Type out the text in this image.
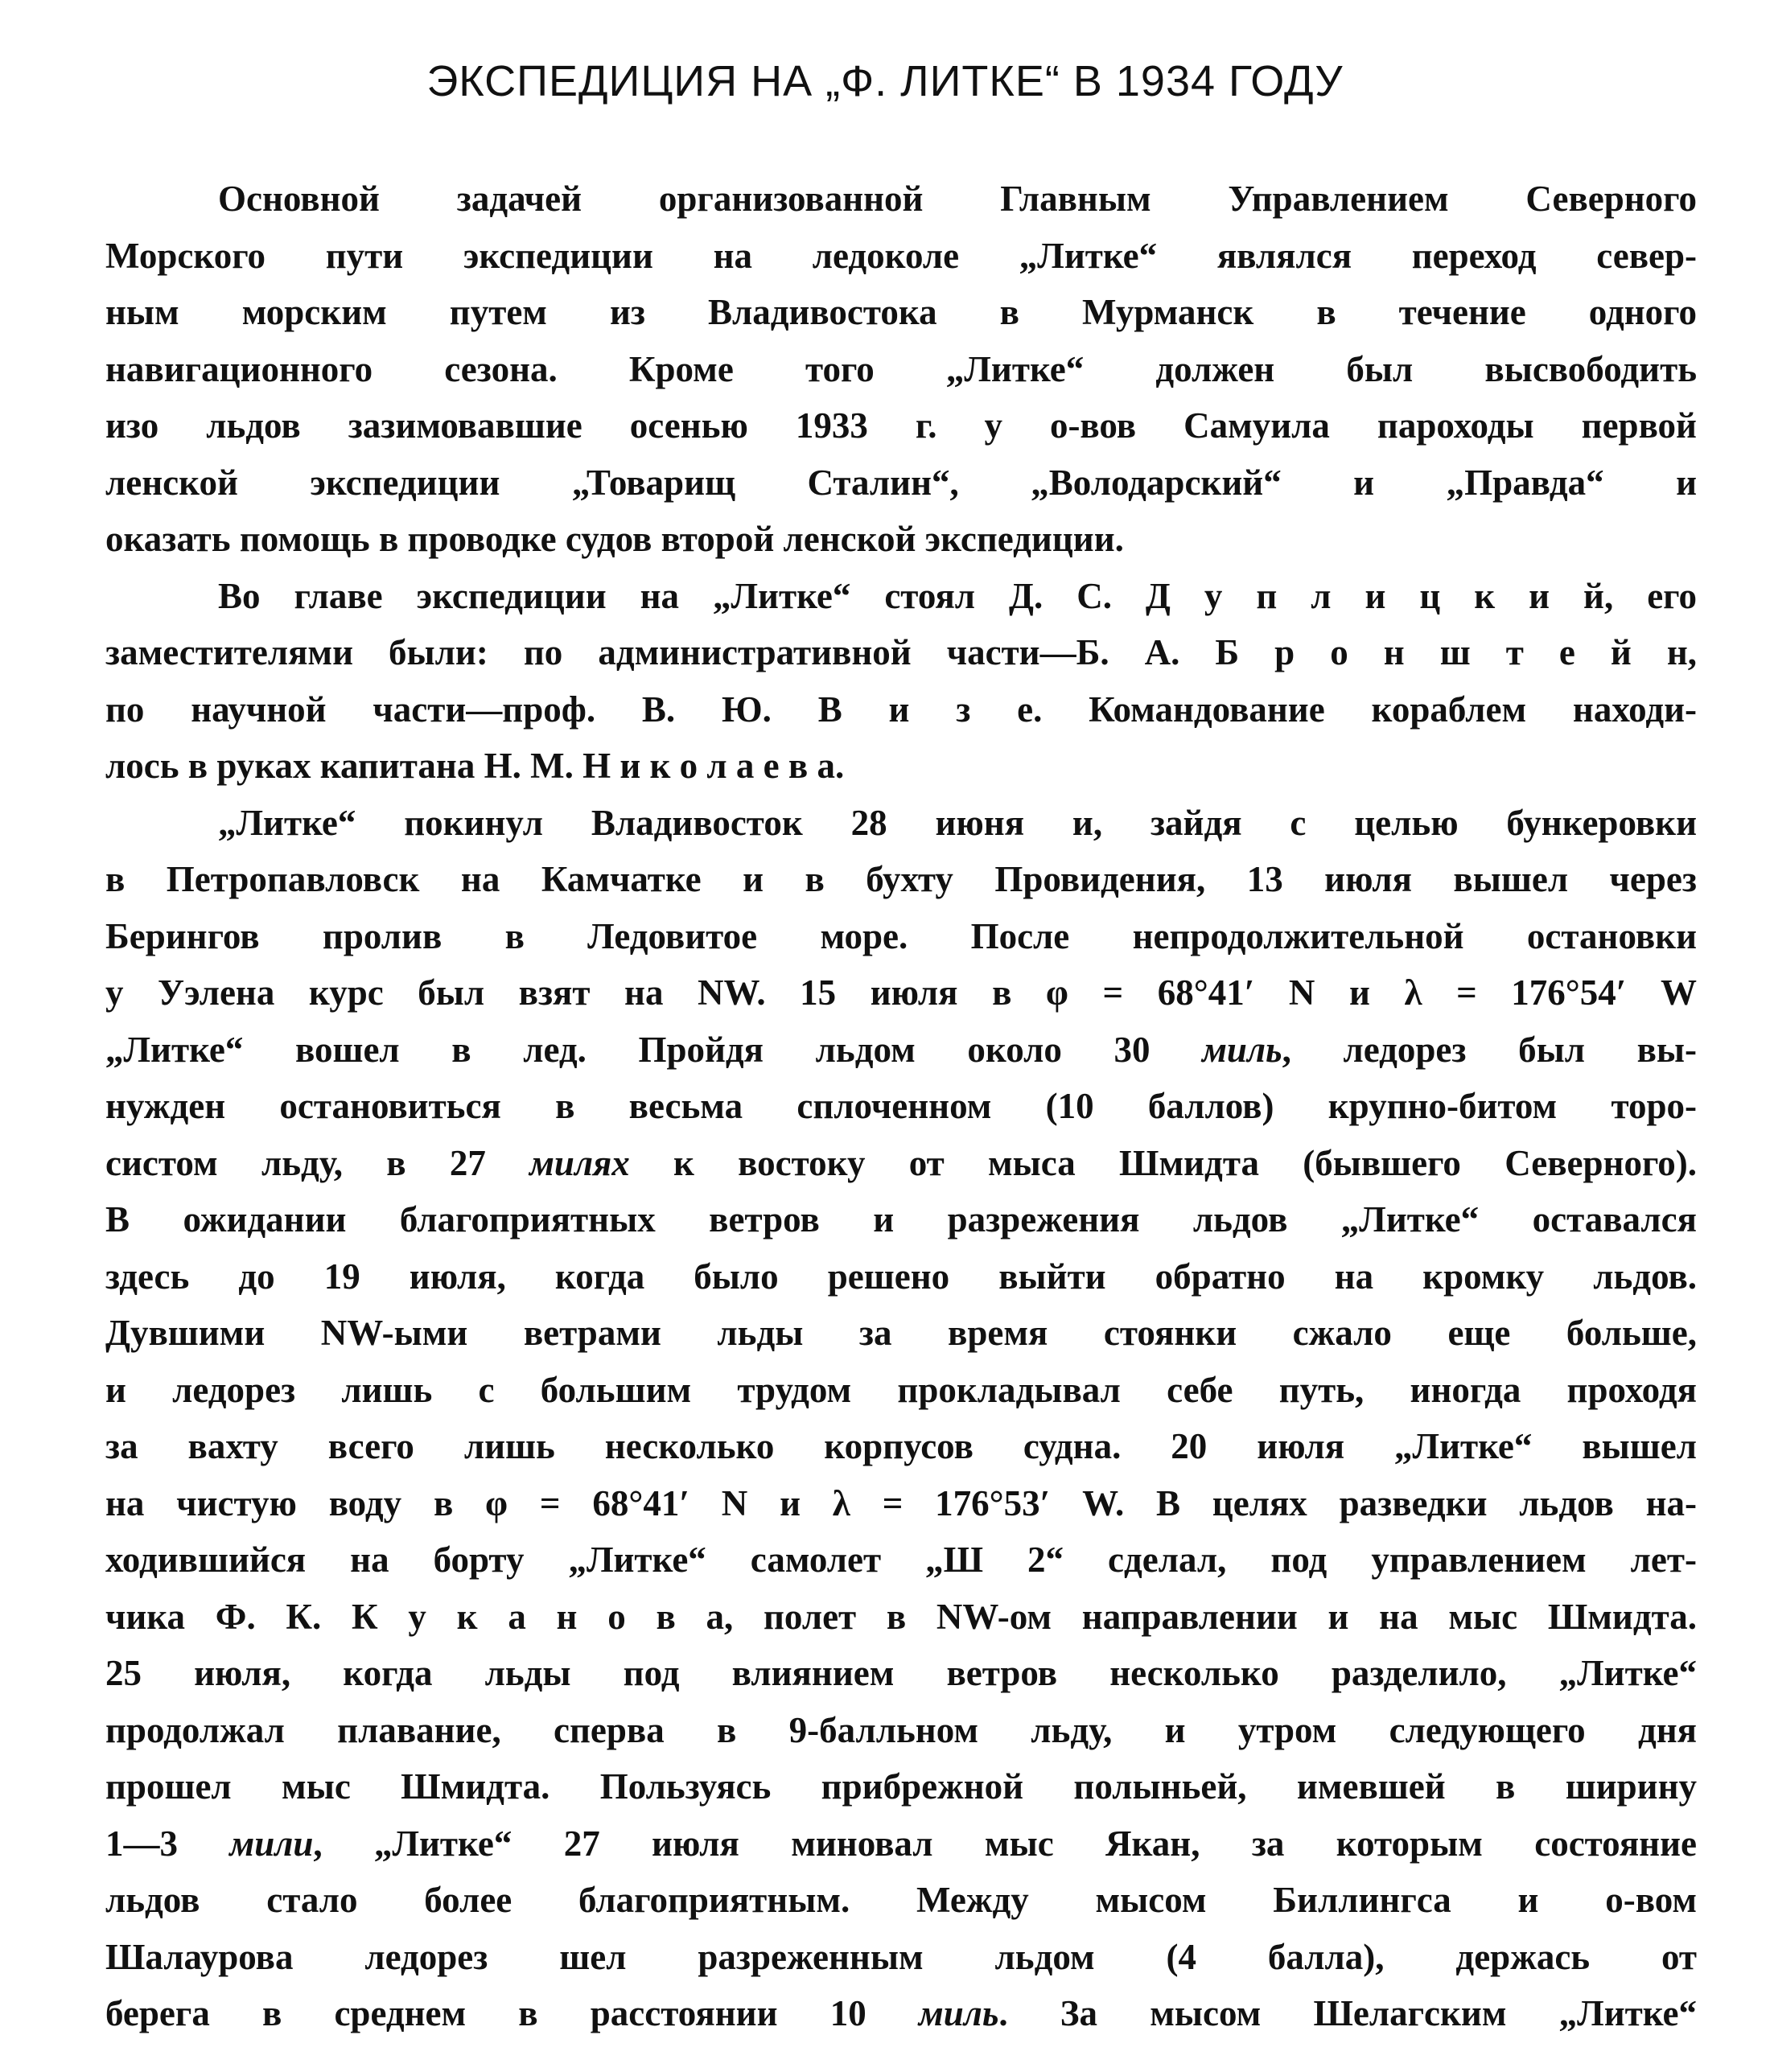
ЭКСПЕДИЦИЯ НА „Ф. ЛИТКЕ“ В 1934 ГОДУ
Основной задачей организованной Главным Управлением Северного
Морского пути экспедиции на ледоколе „Литке“ являлся переход север-
ным морским путем из Владивостока в Мурманск в течение одного
навигационного сезона. Кроме того „Литке“ должен был высвободить
изо льдов зазимовавшие осенью 1933 г. у о-вов Самуила пароходы первой
ленской экспедиции „Товарищ Сталин“, „Володарский“ и „Правда“ и
оказать помощь в проводке судов второй ленской экспедиции.
Во главе экспедиции на „Литке“ стоял Д. С. Д у п л и ц к и й, его
заместителями были: по административной части—Б. А. Б р о н ш т е й н,
по научной части—проф. В. Ю. В и з е. Командование кораблем находи-
лось в руках капитана Н. М. Н и к о л а е в а.
„Литке“ покинул Владивосток 28 июня и, зайдя с целью бункеровки
в Петропавловск на Камчатке и в бухту Провидения, 13 июля вышел через
Берингов пролив в Ледовитое море. После непродолжительной остановки
у Уэлена курс был взят на NW. 15 июля в φ = 68°41′ N и λ = 176°54′ W
„Литке“ вошел в лед. Пройдя льдом около 30 миль, ледорез был вы-
нужден остановиться в весьма сплоченном (10 баллов) крупно-битом торо-
систом льду, в 27 милях к востоку от мыса Шмидта (бывшего Северного).
В ожидании благоприятных ветров и разрежения льдов „Литке“ оставался
здесь до 19 июля, когда было решено выйти обратно на кромку льдов.
Дувшими NW-ыми ветрами льды за время стоянки сжало еще больше,
и ледорез лишь с большим трудом прокладывал себе путь, иногда проходя
за вахту всего лишь несколько корпусов судна. 20 июля „Литке“ вышел
на чистую воду в φ = 68°41′ N и λ = 176°53′ W. В целях разведки льдов на-
ходившийся на борту „Литке“ самолет „Ш 2“ сделал, под управлением лет-
чика Ф. К. К у к а н о в а, полет в NW-ом направлении и на мыс Шмидта.
25 июля, когда льды под влиянием ветров несколько разделило, „Литке“
продолжал плавание, сперва в 9-балльном льду, и утром следующего дня
прошел мыс Шмидта. Пользуясь прибрежной полыньей, имевшей в ширину
1—3 мили, „Литке“ 27 июля миновал мыс Якан, за которым состояние
льдов стало более благоприятным. Между мысом Биллингса и о-вом
Шалаурова ледорез шел разреженным льдом (4 балла), держась от
берега в среднем в расстоянии 10 миль. За мысом Шелагским „Литке“
